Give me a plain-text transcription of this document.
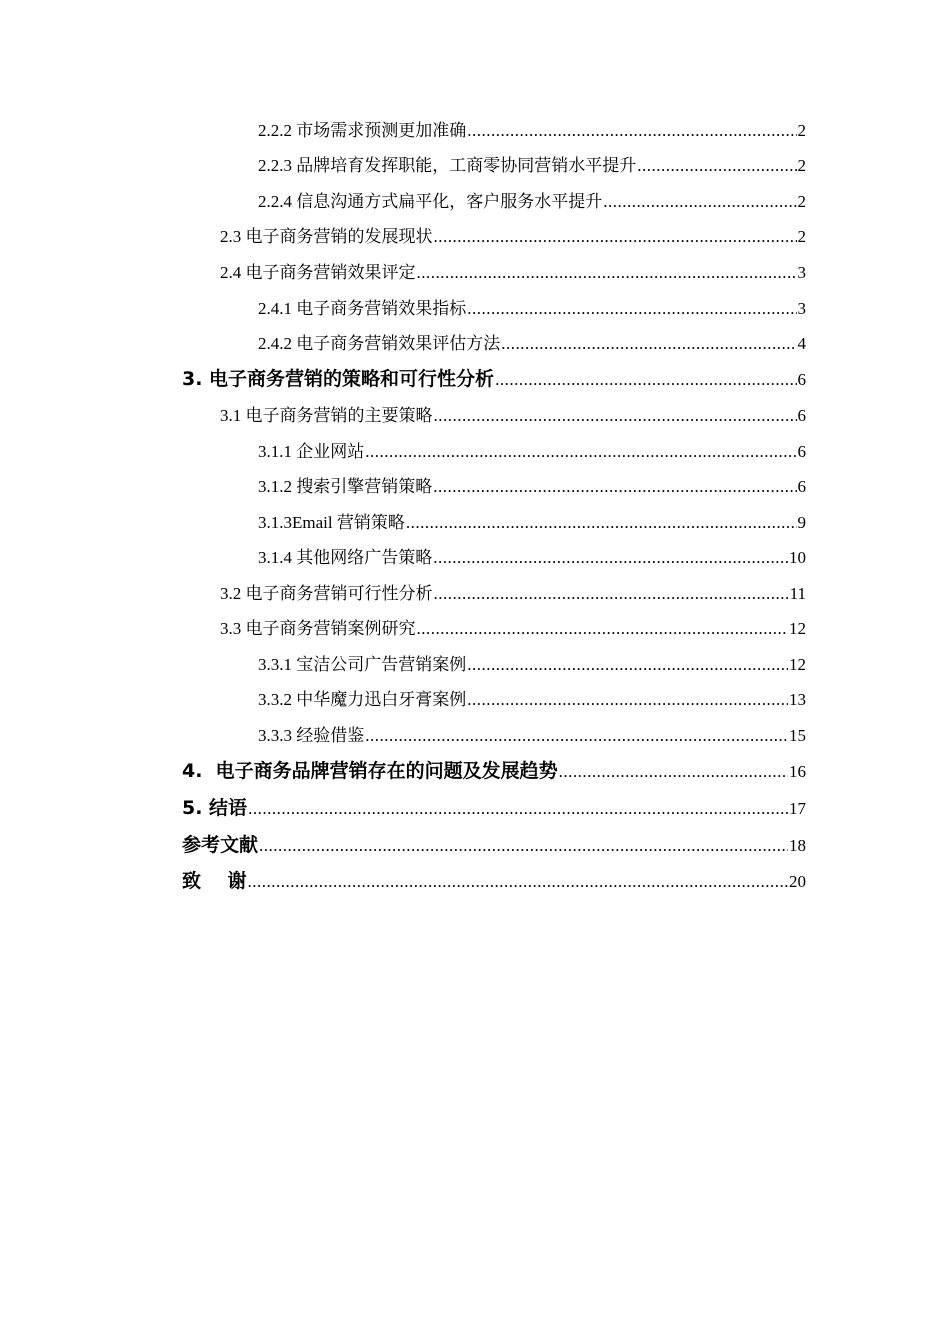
2.2.2 市场需求预测更加准确 .....	2
2.2.3 品牌培育发挥职能，工商零协同营销水平提升 .....	2
2.2.4 信息沟通方式扁平化，客户服务水平提升 .....	2
2.3 电子商务营销的发展现状 .....	2
2.4 电子商务营销效果评定 .....	3
2.4.1 电子商务营销效果指标 .....	3
2.4.2 电子商务营销效果评估方法 .....	4
3. 电子商务营销的策略和可行性分析 .....	6
3.1 电子商务营销的主要策略 .....	6
3.1.1 企业网站 .....	6
3.1.2 搜索引擎营销策略 .....	6
3.1.3Email 营销策略 .....	9
3.1.4 其他网络广告策略 .....	10
3.2 电子商务营销可行性分析 .....	11
3.3 电子商务营销案例研究 .....	12
3.3.1 宝洁公司广告营销案例 .....	12
3.3.2 中华魔力迅白牙膏案例 .....	13
3.3.3 经验借鉴 .....	15
4.  电子商务品牌营销存在的问题及发展趋势 .....	16
5. 结语 .....	17
参考文献 .....	18
致    谢 .....	20
